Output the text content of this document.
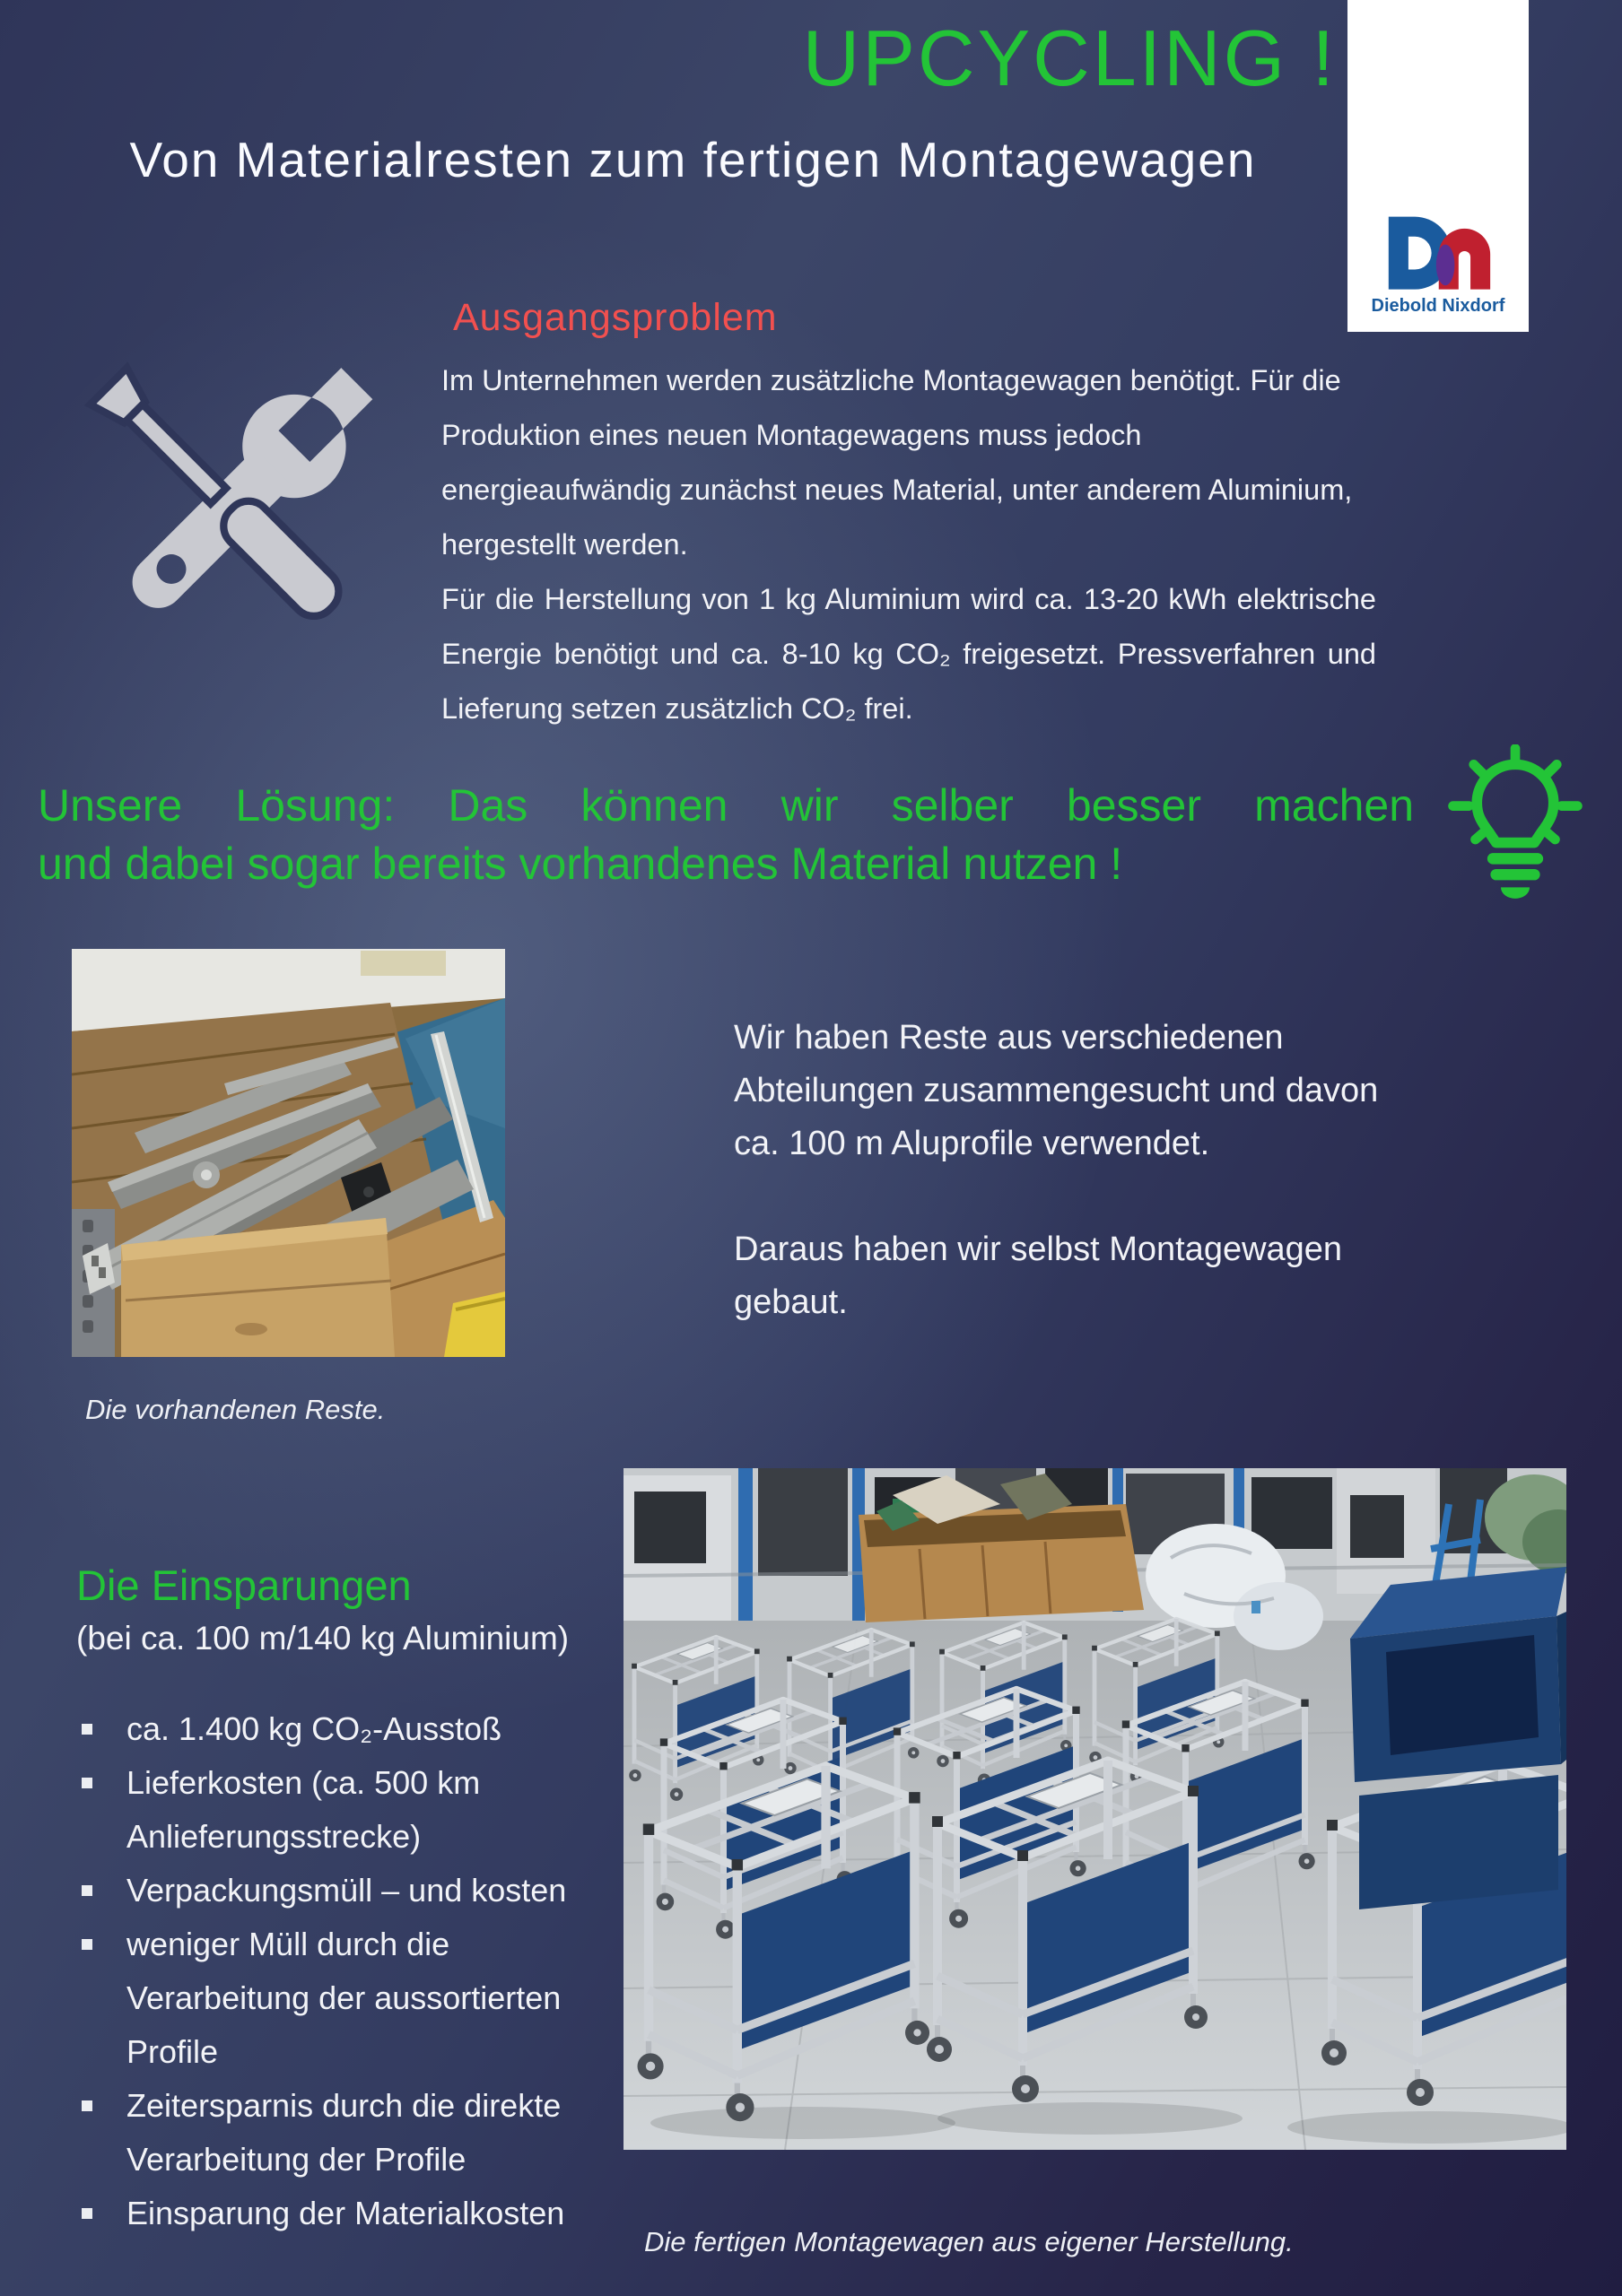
UPCYCLING !
Von Materialresten zum fertigen Montagewagen
Diebold Nixdorf
Ausgangsproblem

Im Unternehmen werden zusätzliche Montagewagen benötigt. Für die Produktion eines neuen Montagewagens muss jedoch energieaufwändig zunächst neues Material, unter anderem Aluminium, hergestellt werden.

Für die Herstellung von 1 kg Aluminium wird ca. 13-20 kWh elektrische Energie benötigt und ca. 8-10 kg CO₂ freigesetzt. Pressverfahren und Lieferung setzen zusätzlich CO₂ frei.

Unsere Lösung: Das können wir selber besser machen
und dabei sogar bereits vorhandenes Material nutzen !
Die vorhandenen Reste.

Wir haben Reste aus verschiedenen Abteilungen zusammengesucht und davon ca. 100 m Aluprofile verwendet.

Daraus haben wir selbst Montagewagen gebaut.

Die Einsparungen
(bei ca. 100 m/140 kg Aluminium)
ca. 1.400 kg CO₂-Ausstoß
Lieferkosten (ca. 500 km Anlieferungsstrecke)
Verpackungsmüll – und kosten
weniger Müll durch die Verarbeitung der aussortierten Profile
Zeitersparnis durch die direkte Verarbeitung der Profile
Einsparung der Materialkosten
Die fertigen Montagewagen aus eigener Herstellung.
